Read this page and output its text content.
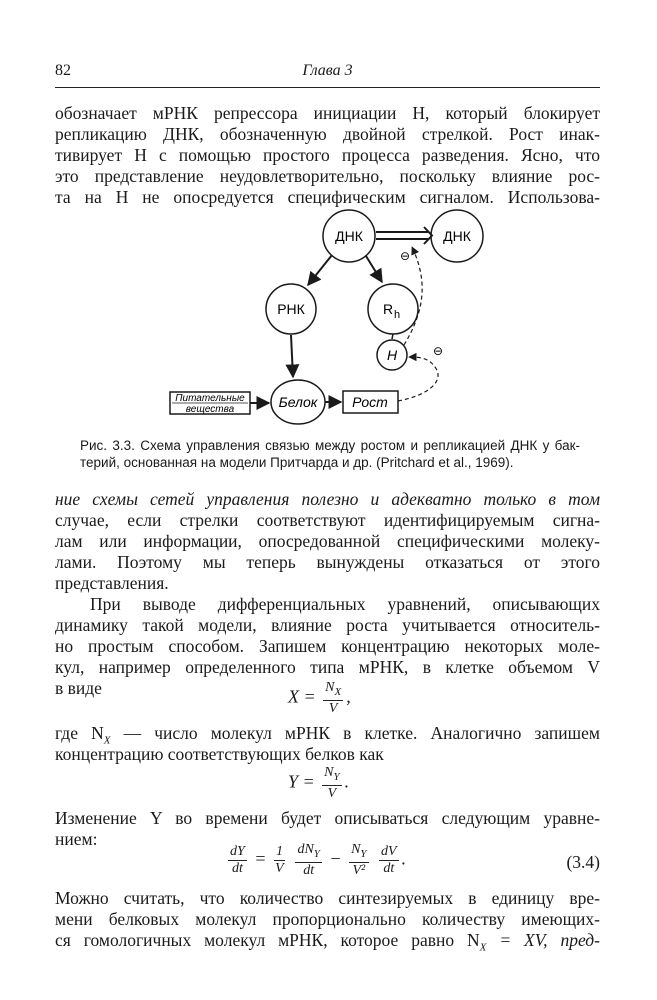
82	Глава 3
обозначает мРНК репрессора инициации H, который блокирует
репликацию ДНК, обозначенную двойной стрелкой. Рост инак-
тивирует H с помощью простого процесса разведения. Ясно, что
это представление неудовлетворительно, поскольку влияние рос-
та на H не опосредуется специфическим сигналом. Использова-
ДНК	ДНК
РНК	R h
H
Белок Рост
Питательные
вещества
⊖
⊖
Рис. 3.3. Схема управления связью между ростом и репликацией ДНК у бак-
терий, основанная на модели Притчарда и др. (Pritchard et al., 1969).
ние схемы сетей управления полезно и адекватно только в том
случае, если стрелки соответствуют идентифицируемым сигна-
лам или информации, опосредованной специфическими молеку-
лами. Поэтому мы теперь вынуждены отказаться от этого
представления.
При выводе дифференциальных уравнений, описывающих
динамику такой модели, влияние роста учитывается относитель-
но простым способом. Запишем концентрацию некоторых моле-
кул, например определенного типа мРНК, в клетке объемом V
в виде	$X = \frac{N_X}{V}$ ,
где $N_X$ — число молекул мРНК в клетке. Аналогично запишем
концентрацию соответствующих белков как
$Y = \frac{N_Y}{V}$ .
Изменение Y во времени будет описываться следующим уравне-
нием:
$\frac{dY}{dt} = \frac{1}{V}$
$\frac{dN_Y}{dt} - \frac{N_Y}{\text{V²}}$
$\frac{dV}{dt}$ .	(3.4)
Можно считать, что количество синтезируемых в единицу вре-
мени белковых молекул пропорционально количеству имеющих-
ся гомологичных молекул мРНК, которое равно $N_X$ = XV, пред-
